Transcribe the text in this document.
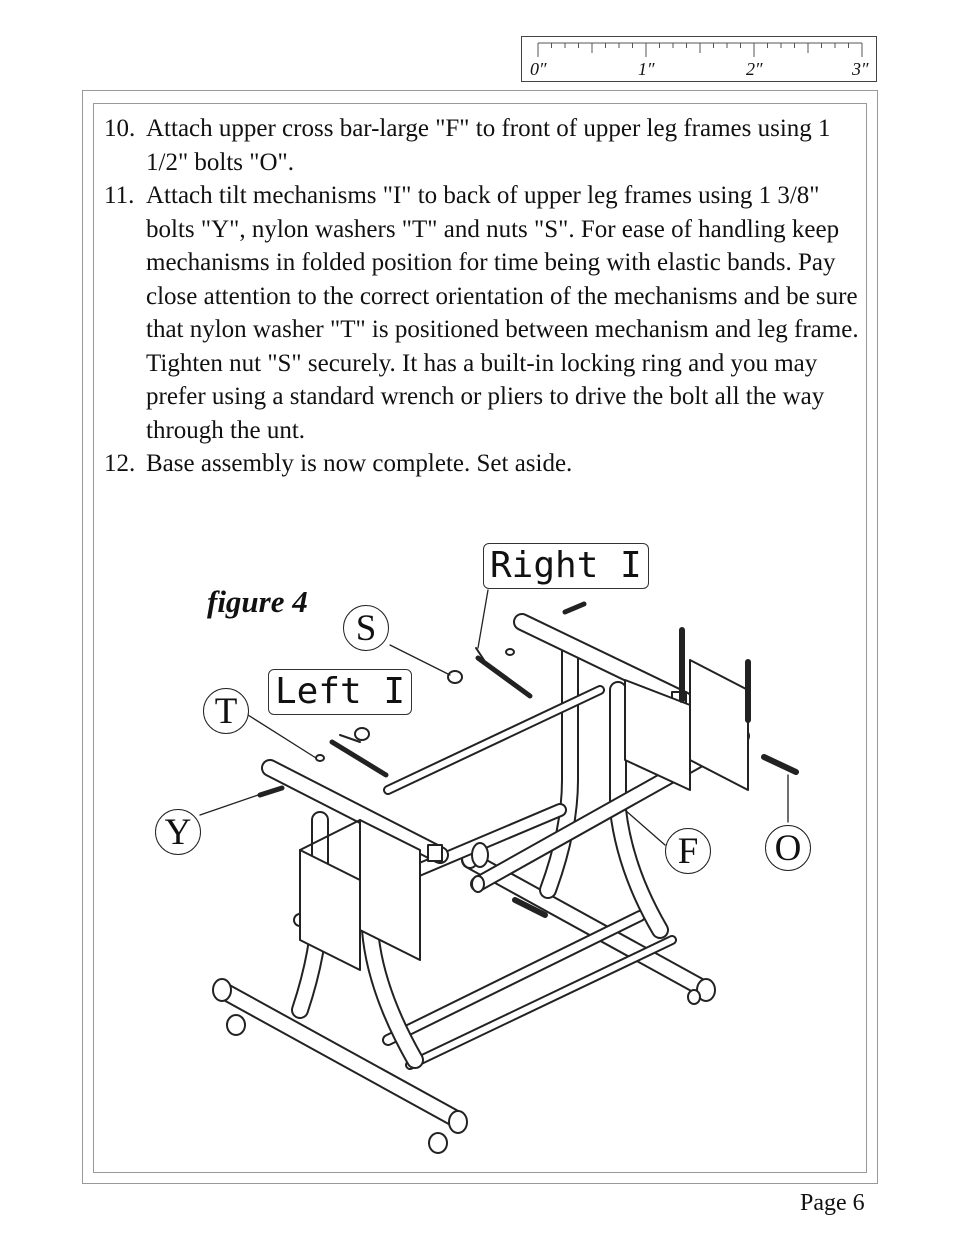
0″	1″	2″	3″
10. Attach upper cross bar-large "F" to front of upper leg frames using 1 1/2" bolts "O".
11. Attach tilt mechanisms "I" to back of upper leg frames using 1 3/8" bolts "Y", nylon washers "T" and nuts "S". For ease of handling keep mechanisms in folded position for time being with elastic bands. Pay close attention to the correct orientation of the mechanisms and be sure that nylon washer "T" is positioned between mechanism and leg frame. Tighten nut "S" securely. It has a built-in locking ring and you may prefer using a standard wrench or pliers to drive the bolt all the way through the unt.
12. Base assembly is now complete. Set aside.
figure 4
Right I
Left I
S
T
Y	F	O
Page 6
